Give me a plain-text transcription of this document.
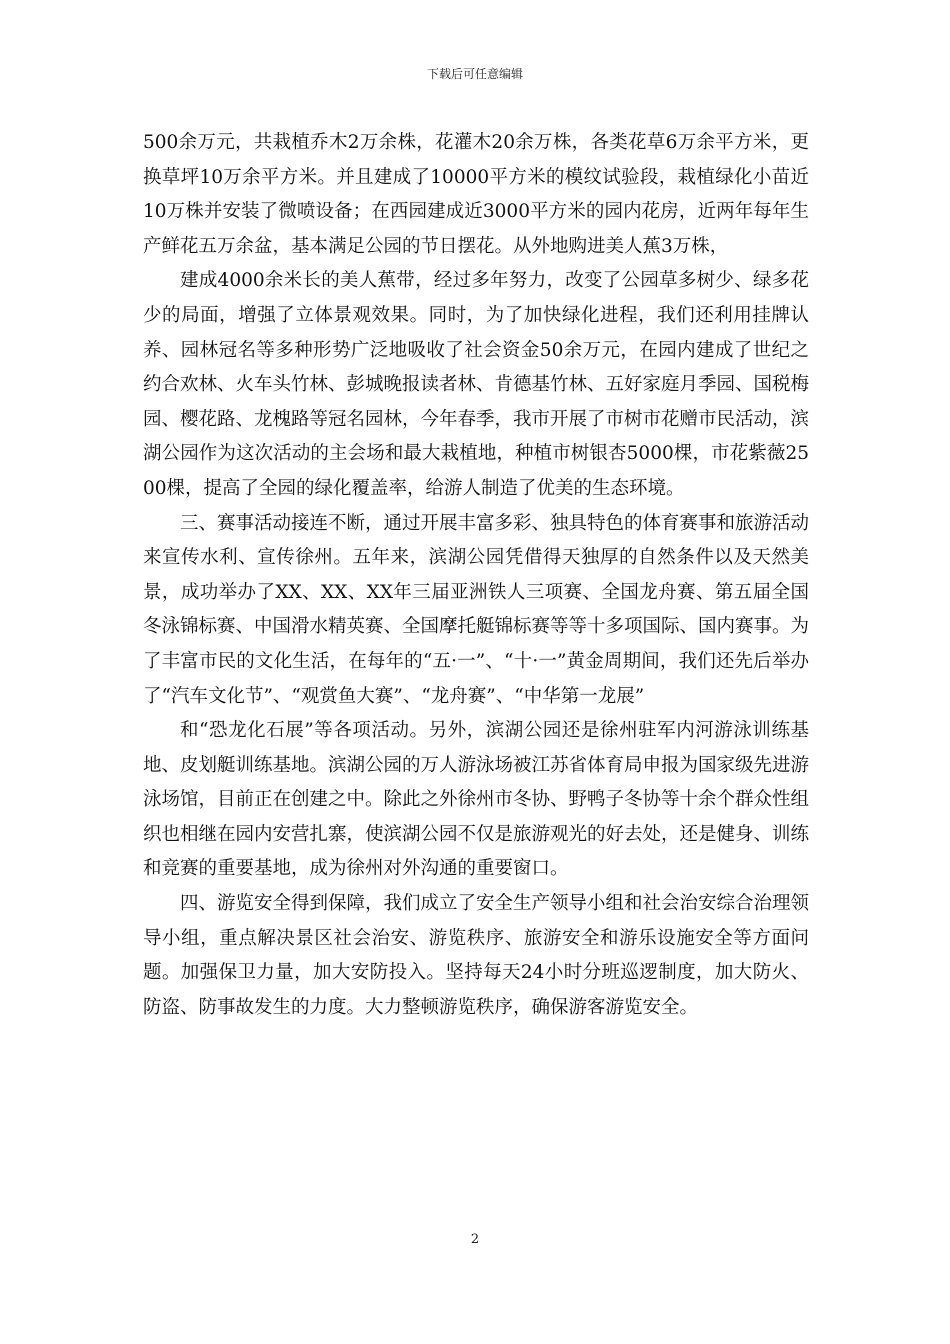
下载后可任意编辑

500余万元，共栽植乔木2万余株，花灌木20余万株，各类花草6万余平方米，更换草坪10万余平方米。并且建成了10000平方米的模纹试验段，栽植绿化小苗近10万株并安装了微喷设备；在西园建成近3000平方米的园内花房，近两年每年生产鲜花五万余盆，基本满足公园的节日摆花。从外地购进美人蕉3万株，

建成4000余米长的美人蕉带，经过多年努力，改变了公园草多树少、绿多花少的局面，增强了立体景观效果。同时，为了加快绿化进程，我们还利用挂牌认养、园林冠名等多种形势广泛地吸收了社会资金50余万元，在园内建成了世纪之约合欢林、火车头竹林、彭城晚报读者林、肯德基竹林、五好家庭月季园、国税梅园、樱花路、龙槐路等冠名园林，今年春季，我市开展了市树市花赠市民活动，滨湖公园作为这次活动的主会场和最大栽植地，种植市树银杏5000棵，市花紫薇2500棵，提高了全园的绿化覆盖率，给游人制造了优美的生态环境。

三、赛事活动接连不断，通过开展丰富多彩、独具特色的体育赛事和旅游活动来宣传水利、宣传徐州。五年来，滨湖公园凭借得天独厚的自然条件以及天然美景，成功举办了XX、XX、XX年三届亚洲铁人三项赛、全国龙舟赛、第五届全国冬泳锦标赛、中国滑水精英赛、全国摩托艇锦标赛等等十多项国际、国内赛事。为了丰富市民的文化生活，在每年的“五·一”、“十·一”黄金周期间，我们还先后举办了“汽车文化节”、“观赏鱼大赛”、“龙舟赛”、“中华第一龙展”

和“恐龙化石展”等各项活动。另外，滨湖公园还是徐州驻军内河游泳训练基地、皮划艇训练基地。滨湖公园的万人游泳场被江苏省体育局申报为国家级先进游泳场馆，目前正在创建之中。除此之外徐州市冬协、野鸭子冬协等十余个群众性组织也相继在园内安营扎寨，使滨湖公园不仅是旅游观光的好去处，还是健身、训练和竞赛的重要基地，成为徐州对外沟通的重要窗口。

四、游览安全得到保障，我们成立了安全生产领导小组和社会治安综合治理领导小组，重点解决景区社会治安、游览秩序、旅游安全和游乐设施安全等方面问题。加强保卫力量，加大安防投入。坚持每天24小时分班巡逻制度，加大防火、防盗、防事故发生的力度。大力整顿游览秩序，确保游客游览安全。

2
